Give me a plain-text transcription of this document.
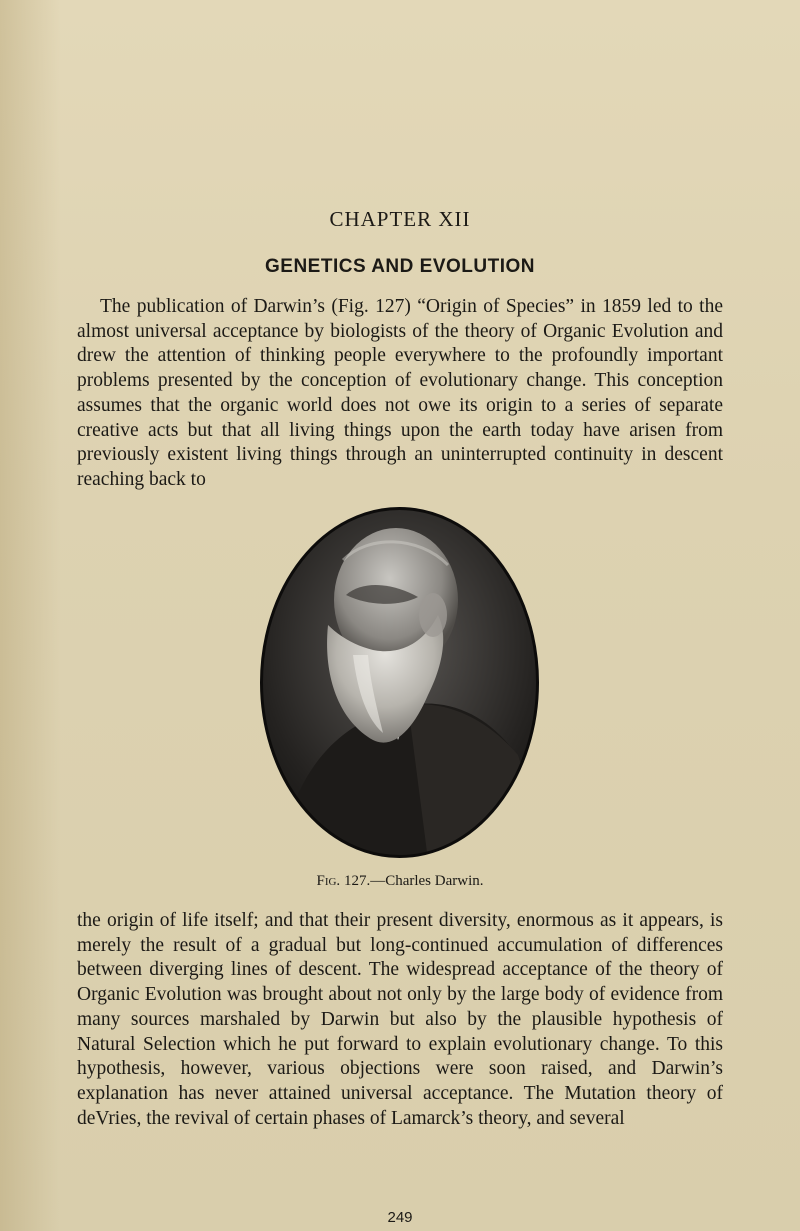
CHAPTER XII
GENETICS AND EVOLUTION

The publication of Darwin’s (Fig. 127) “Origin of Species” in 1859 led to the almost universal acceptance by biologists of the theory of Organic Evolution and drew the attention of thinking people everywhere to the profoundly important problems presented by the conception of evolutionary change. This conception assumes that the organic world does not owe its origin to a series of separate creative acts but that all living things upon the earth today have arisen from previously existent living things through an uninterrupted continuity in descent reaching back to

Fig. 127.—Charles Darwin.

the origin of life itself; and that their present diversity, enormous as it appears, is merely the result of a gradual but long-continued accumulation of differences between diverging lines of descent. The widespread acceptance of the theory of Organic Evolution was brought about not only by the large body of evidence from many sources marshaled by Darwin but also by the plausible hypothesis of Natural Selection which he put forward to explain evolutionary change. To this hypothesis, however, various objections were soon raised, and Darwin’s explanation has never attained universal acceptance. The Mutation theory of deVries, the revival of certain phases of Lamarck’s theory, and several

249
